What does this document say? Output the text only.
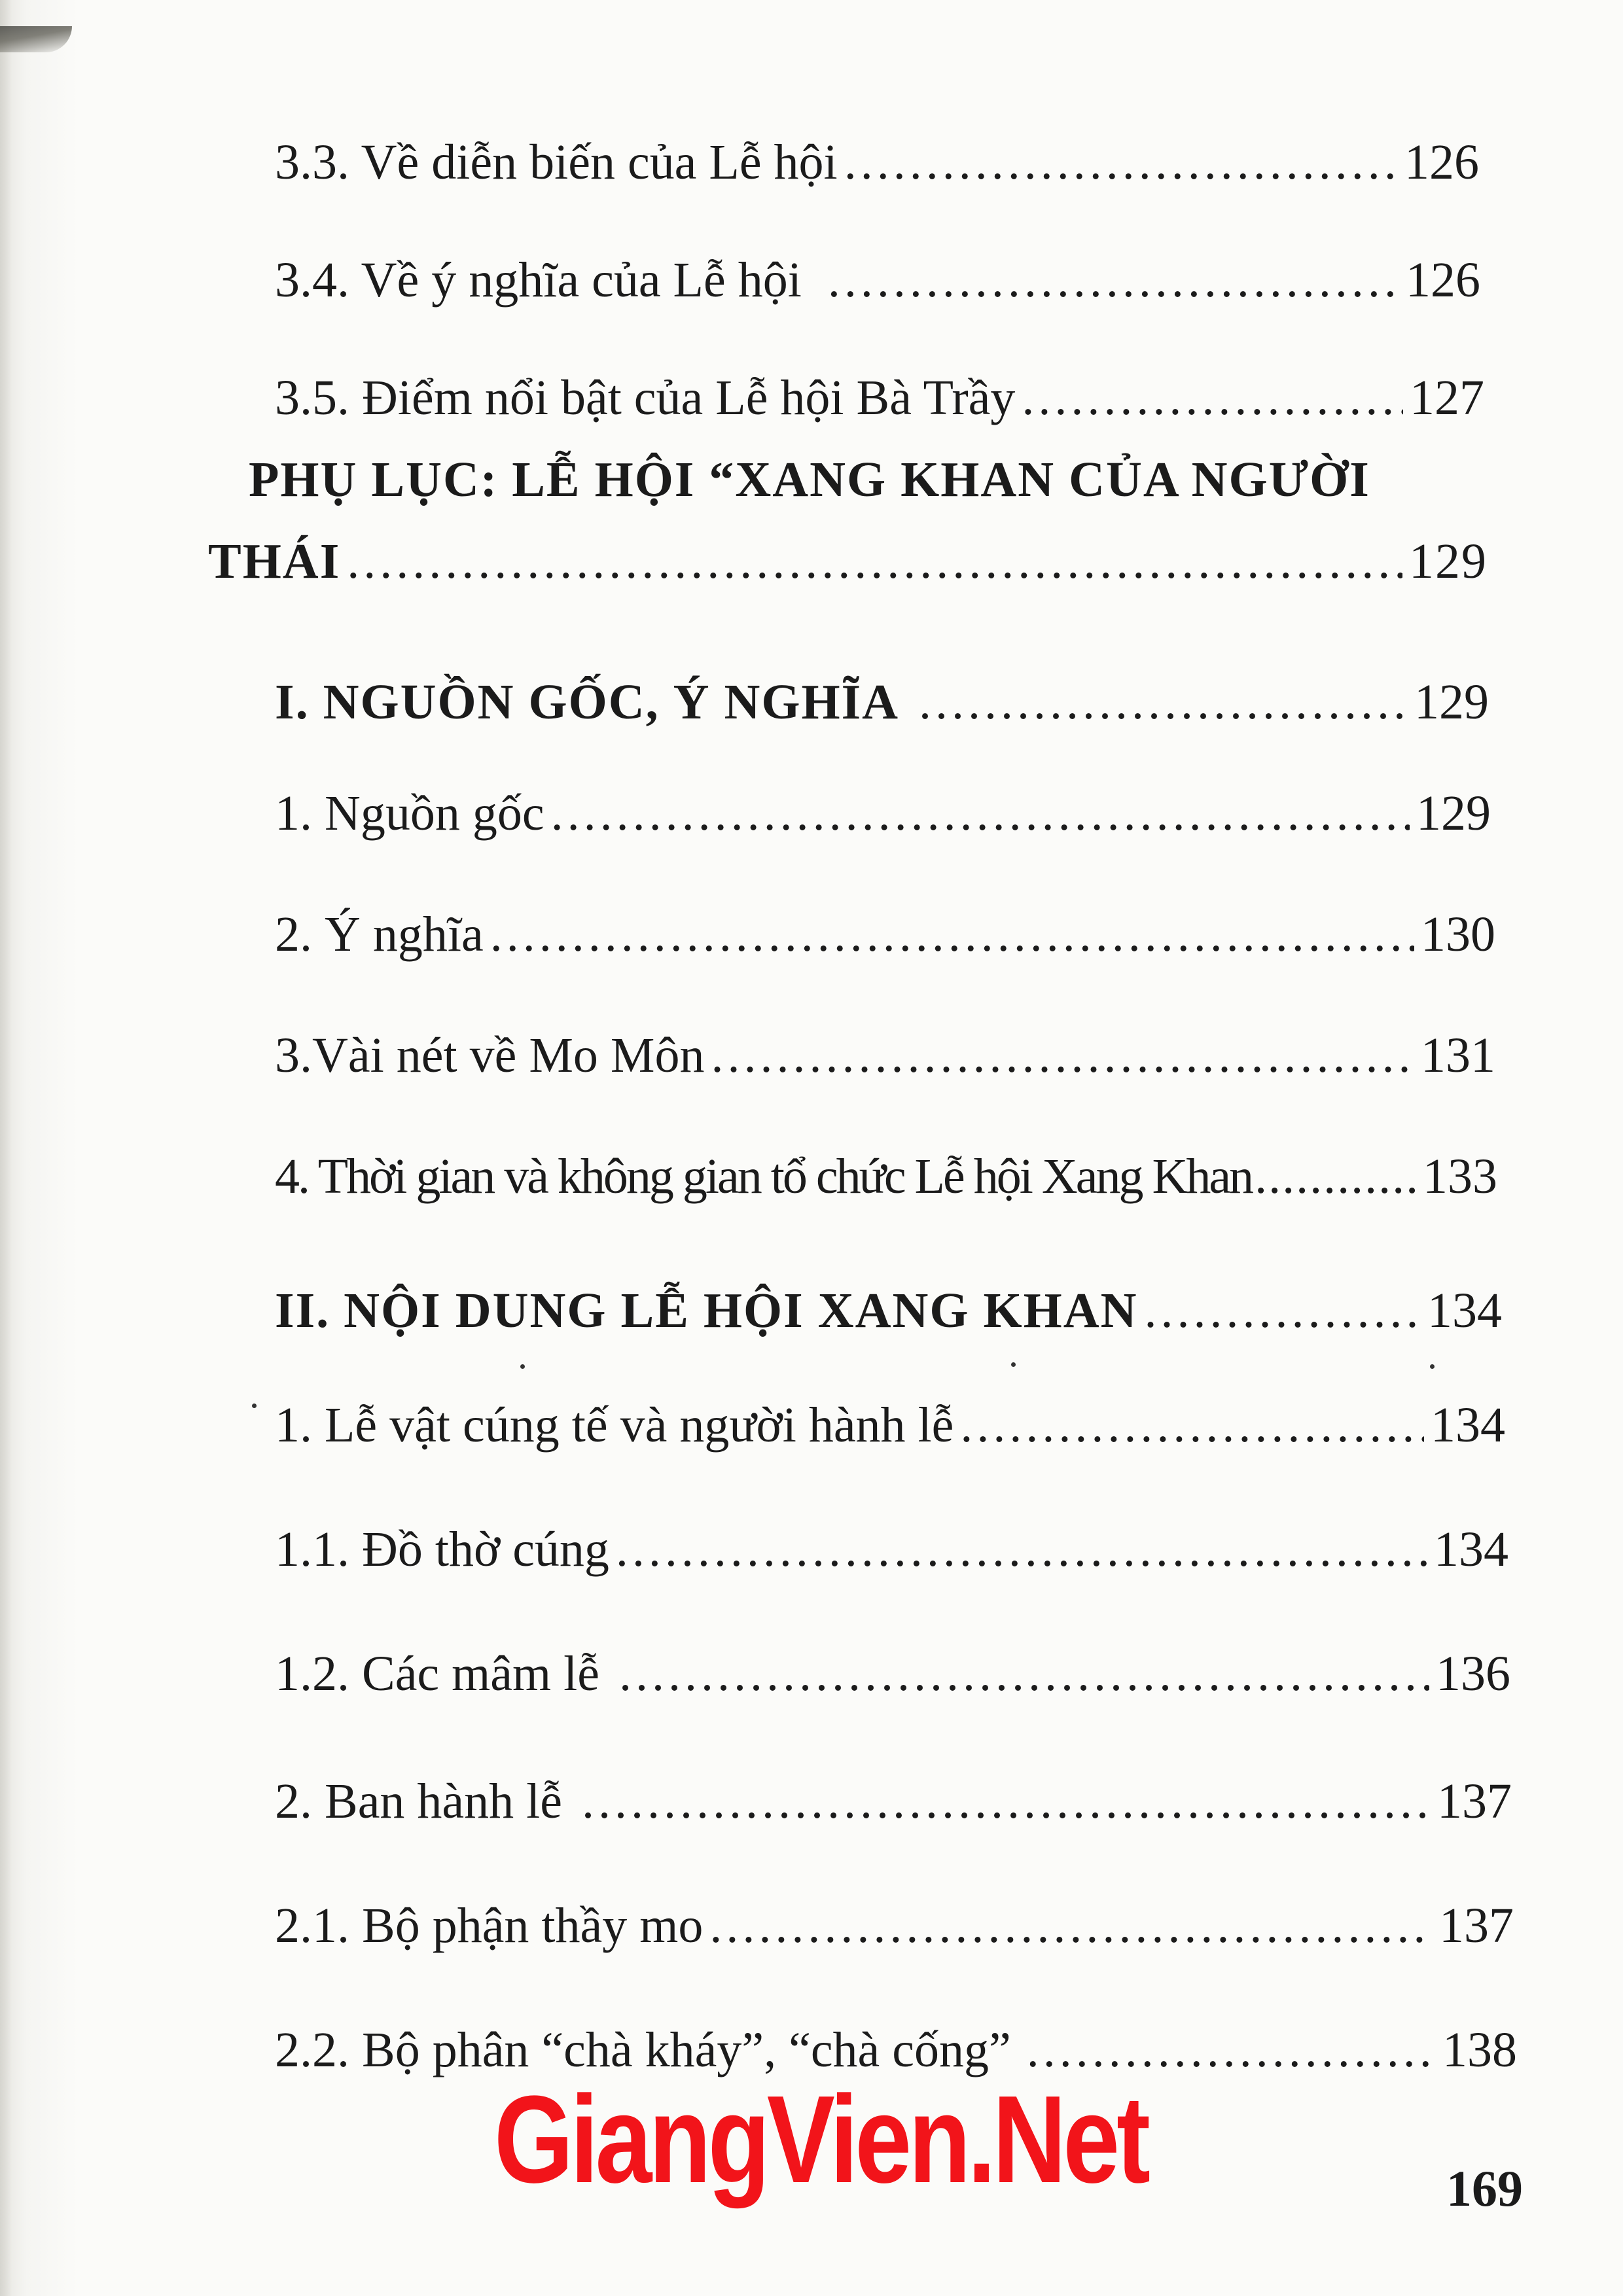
3.3. Về diễn biến của Lễ hội .....	126
3.4. Về ý nghĩa của Lễ hội .....	126
3.5. Điểm nổi bật của Lễ hội Bà Trầy .....	127
PHỤ LỤC: LỄ HỘI “XANG KHAN CỦA NGƯỜI
THÁI .....	129
I. NGUỒN GỐC, Ý NGHĨA .....	129
1. Nguồn gốc .....	129
2. Ý nghĩa .....	130
3.Vài nét về Mo Môn .....	131
4. Thời gian và không gian tổ chức Lễ hội Xang Khan .....	133
II. NỘI DUNG LỄ HỘI XANG KHAN .....	134
1. Lễ vật cúng tế và người hành lễ .....	134
1.1. Đồ thờ cúng .....	134
1.2. Các mâm lễ .....	136
2. Ban hành lễ .....	137
2.1. Bộ phận thầy mo .....	137
2.2. Bộ phân “chà kháy”, “chà cống” .....	138
GiangVien.Net	169
